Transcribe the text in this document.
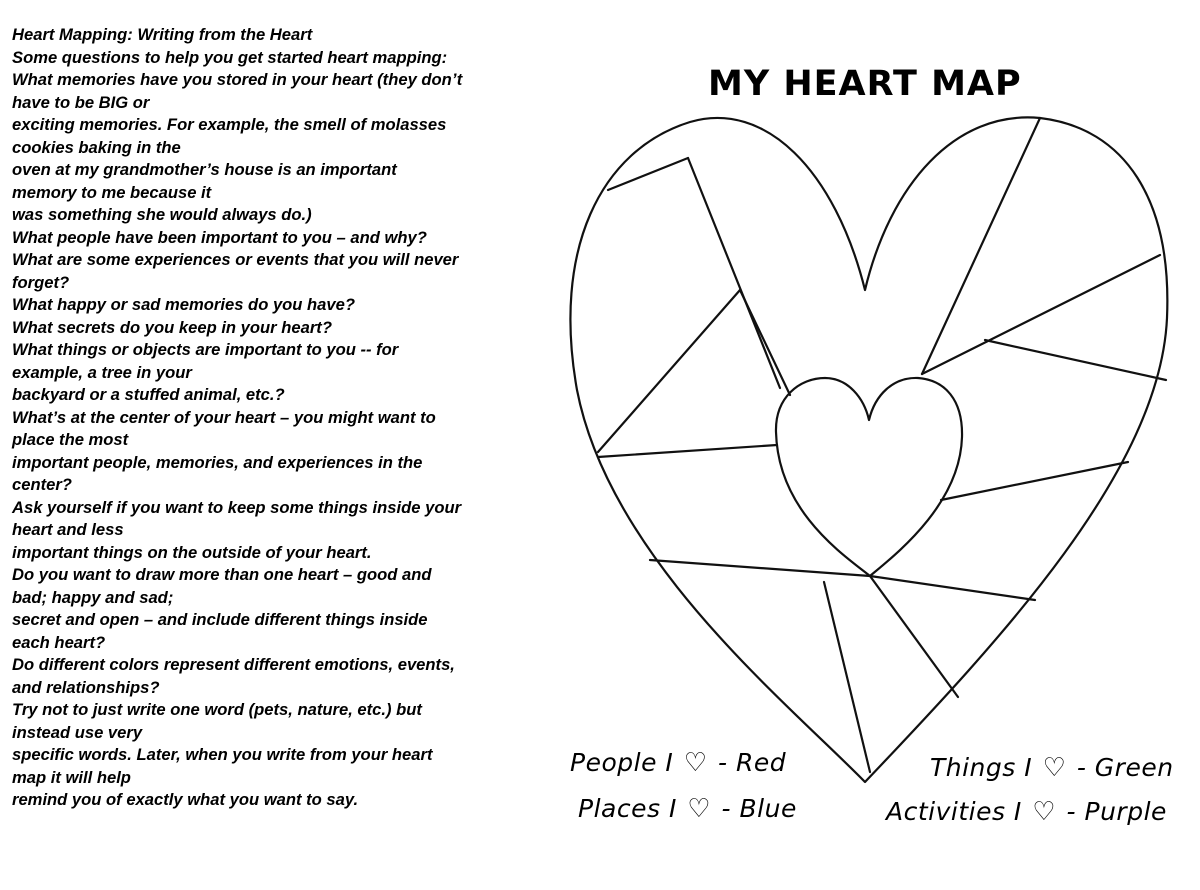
Heart Mapping: Writing from the Heart
Some questions to help you get started heart mapping:
What memories have you stored in your heart (they don’t
have to be BIG or
exciting memories. For example, the smell of molasses
cookies baking in the
oven at my grandmother’s house is an important
memory to me because it
was something she would always do.)
What people have been important to you – and why?
What are some experiences or events that you will never
forget?
What happy or sad memories do you have?
What secrets do you keep in your heart?
What things or objects are important to you -- for
example, a tree in your
backyard or a stuffed animal, etc.?
What’s at the center of your heart – you might want to
place the most
important people, memories, and experiences in the
center?
Ask yourself if you want to keep some things inside your
heart and less
important things on the outside of your heart.
Do you want to draw more than one heart – good and
bad; happy and sad;
secret and open – and include different things inside
each heart?
Do different colors represent different emotions, events,
and relationships?
Try not to just write one word (pets, nature, etc.) but
instead use very
specific words. Later, when you write from your heart
map it will help
remind you of exactly what you want to say.
MY HEART MAP
People I ♡ - Red
Places I ♡ - Blue
Things I ♡ - Green
Activities I ♡ - Purple
